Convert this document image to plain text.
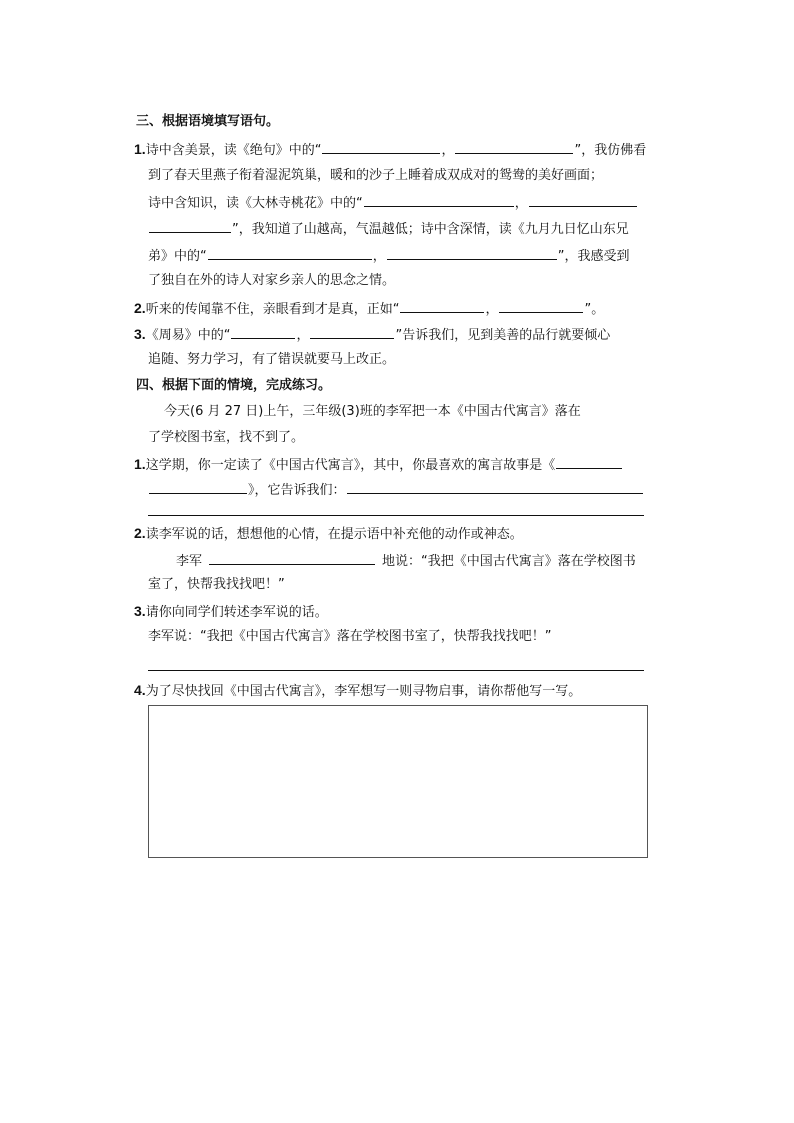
三、根据语境填写语句。
1.诗中含美景，读《绝句》中的“	，	”，我仿佛看
到了春天里燕子衔着湿泥筑巢，暖和的沙子上睡着成双成对的鸳鸯的美好画面；
诗中含知识，读《大林寺桃花》中的“	，
”，我知道了山越高，气温越低；诗中含深情，读《九月九日忆山东兄
弟》中的“	，	”，我感受到
了独自在外的诗人对家乡亲人的思念之情。
2.听来的传闻靠不住，亲眼看到才是真，正如“	，	”。
3.《周易》中的“	，	”告诉我们，见到美善的品行就要倾心
追随、努力学习，有了错误就要马上改正。
四、根据下面的情境，完成练习。
今天(6 月 27 日)上午，三年级(3)班的李军把一本《中国古代寓言》落在
了学校图书室，找不到了。
1.这学期，你一定读了《中国古代寓言》，其中，你最喜欢的寓言故事是《
》，它告诉我们：
2.读李军说的话，想想他的心情，在提示语中补充他的动作或神态。
李军	地说：“我把《中国古代寓言》落在学校图书
室了，快帮我找找吧！”
3.请你向同学们转述李军说的话。
李军说：“我把《中国古代寓言》落在学校图书室了，快帮我找找吧！”
4.为了尽快找回《中国古代寓言》，李军想写一则寻物启事，请你帮他写一写。
